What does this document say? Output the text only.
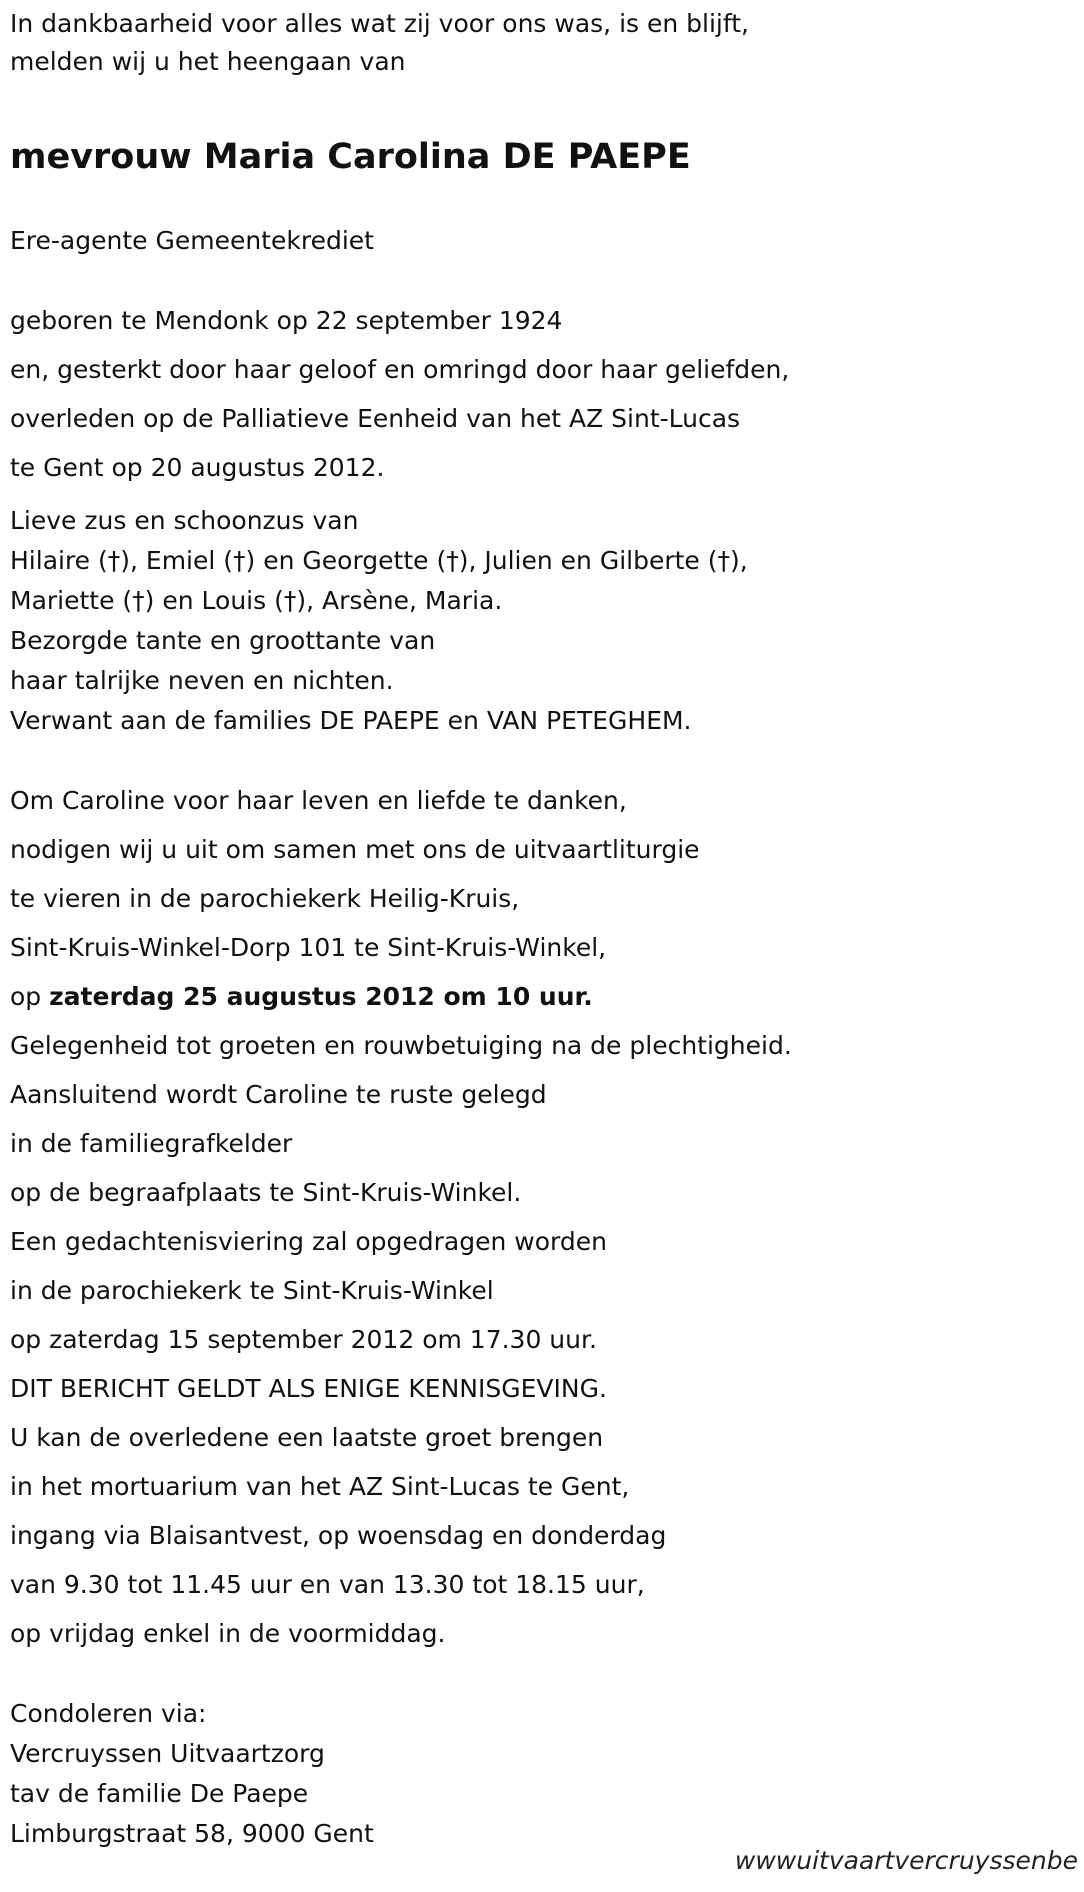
In dankbaarheid voor alles wat zij voor ons was, is en blijft,
melden wij u het heengaan van
mevrouw Maria Carolina DE PAEPE
Ere-agente Gemeentekrediet
geboren te Mendonk op 22 september 1924
en, gesterkt door haar geloof en omringd door haar geliefden,
overleden op de Palliatieve Eenheid van het AZ Sint-Lucas
te Gent op 20 augustus 2012.
Lieve zus en schoonzus van
Hilaire (†), Emiel (†) en Georgette (†), Julien en Gilberte (†),
Mariette (†) en Louis (†), Arsène, Maria.
Bezorgde tante en groottante van
haar talrijke neven en nichten.
Verwant aan de families DE PAEPE en VAN PETEGHEM.
Om Caroline voor haar leven en liefde te danken,
nodigen wij u uit om samen met ons de uitvaartliturgie
te vieren in de parochiekerk Heilig-Kruis,
Sint-Kruis-Winkel-Dorp 101 te Sint-Kruis-Winkel,
op zaterdag 25 augustus 2012 om 10 uur.
Gelegenheid tot groeten en rouwbetuiging na de plechtigheid.
Aansluitend wordt Caroline te ruste gelegd
in de familiegrafkelder
op de begraafplaats te Sint-Kruis-Winkel.
Een gedachtenisviering zal opgedragen worden
in de parochiekerk te Sint-Kruis-Winkel
op zaterdag 15 september 2012 om 17.30 uur.
DIT BERICHT GELDT ALS ENIGE KENNISGEVING.
U kan de overledene een laatste groet brengen
in het mortuarium van het AZ Sint-Lucas te Gent,
ingang via Blaisantvest, op woensdag en donderdag
van 9.30 tot 11.45 uur en van 13.30 tot 18.15 uur,
op vrijdag enkel in de voormiddag.
Condoleren via:
Vercruyssen Uitvaartzorg
tav de familie De Paepe
Limburgstraat 58, 9000 Gent
wwwuitvaartvercruyssenbe
